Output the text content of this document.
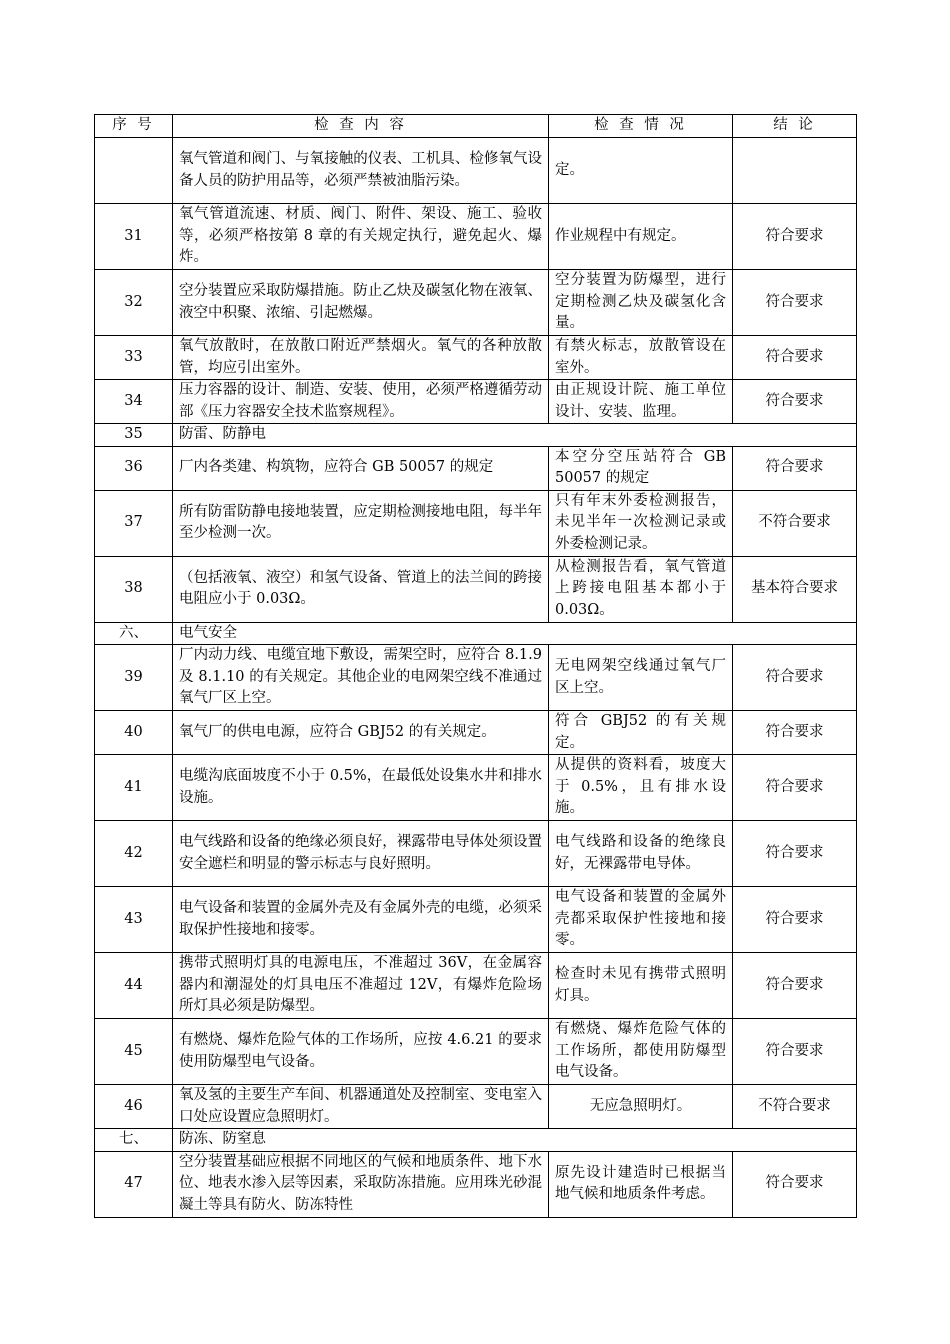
序 号	检 查 内 容	检 查 情 况	结 论
	氧气管道和阀门、与氧接触的仪表、工机具、检修氧气设备人员的防护用品等，必须严禁被油脂污染。	定。	
31	氧气管道流速、材质、阀门、附件、架设、施工、验收等，必须严格按第 8 章的有关规定执行，避免起火、爆炸。	作业规程中有规定。	符合要求
32	空分装置应采取防爆措施。防止乙炔及碳氢化物在液氧、液空中积聚、浓缩、引起燃爆。	空分装置为防爆型，进行定期检测乙炔及碳氢化含量。	符合要求
33	氧气放散时，在放散口附近严禁烟火。氧气的各种放散管，均应引出室外。	有禁火标志，放散管设在室外。	符合要求
34	压力容器的设计、制造、安装、使用，必须严格遵循劳动部《压力容器安全技术监察规程》。	由正规设计院、施工单位设计、安装、监理。	符合要求
35	防雷、防静电		
36	厂内各类建、构筑物，应符合 GB 50057 的规定	本空分空压站符合 GB 50057 的规定	符合要求
37	所有防雷防静电接地装置，应定期检测接地电阻，每半年至少检测一次。	只有年末外委检测报告，未见半年一次检测记录或外委检测记录。	不符合要求
38	（包括液氧、液空）和氢气设备、管道上的法兰间的跨接电阻应小于 0.03Ω。	从检测报告看，氧气管道上跨接电阻基本都小于 0.03Ω。	基本符合要求
六、	电气安全		
39	厂内动力线、电缆宜地下敷设，需架空时，应符合 8.1.9 及 8.1.10 的有关规定。其他企业的电网架空线不准通过氧气厂区上空。	无电网架空线通过氧气厂区上空。	符合要求
40	氧气厂的供电电源，应符合 GBJ52 的有关规定。	符合 GBJ52 的有关规定。	符合要求
41	电缆沟底面坡度不小于 0.5%，在最低处设集水井和排水设施。	从提供的资料看，坡度大于 0.5%，且有排水设施。	符合要求
42	电气线路和设备的绝缘必须良好，裸露带电导体处须设置安全遮栏和明显的警示标志与良好照明。	电气线路和设备的绝缘良好，无裸露带电导体。	符合要求
43	电气设备和装置的金属外壳及有金属外壳的电缆，必须采取保护性接地和接零。	电气设备和装置的金属外壳都采取保护性接地和接零。	符合要求
44	携带式照明灯具的电源电压，不准超过 36V，在金属容器内和潮湿处的灯具电压不准超过 12V，有爆炸危险场所灯具必须是防爆型。	检查时未见有携带式照明灯具。	符合要求
45	有燃烧、爆炸危险气体的工作场所，应按 4.6.21 的要求使用防爆型电气设备。	有燃烧、爆炸危险气体的工作场所，都使用防爆型电气设备。	符合要求
46	氧及氢的主要生产车间、机器通道处及控制室、变电室入口处应设置应急照明灯。	无应急照明灯。	不符合要求
七、	防冻、防窒息		
47	空分装置基础应根据不同地区的气候和地质条件、地下水位、地表水渗入层等因素，采取防冻措施。应用珠光砂混凝土等具有防火、防冻特性	原先设计建造时已根据当地气候和地质条件考虑。	符合要求
